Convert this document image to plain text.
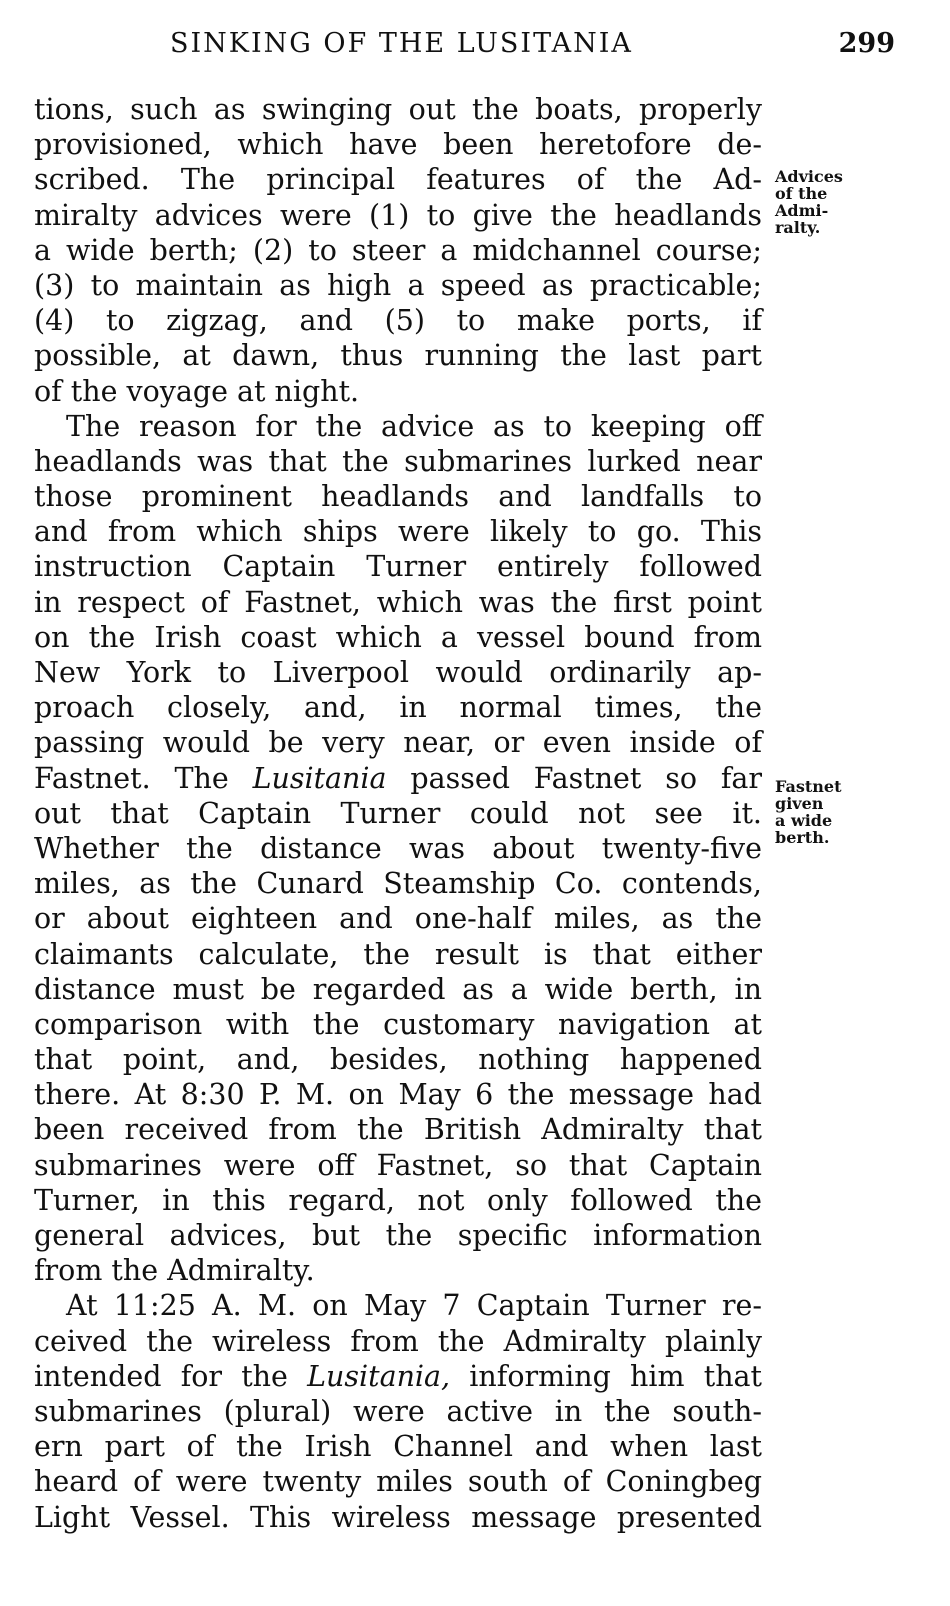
SINKING OF THE LUSITANIA	299
tions, such as swinging out the boats, properly
provisioned, which have been heretofore de-
scribed. The principal features of the Ad-
miralty advices were (1) to give the headlands
a wide berth; (2) to steer a midchannel course;
(3) to maintain as high a speed as practicable;
(4) to zigzag, and (5) to make ports, if
possible, at dawn, thus running the last part
of the voyage at night.
The reason for the advice as to keeping off
headlands was that the submarines lurked near
those prominent headlands and landfalls to
and from which ships were likely to go. This
instruction Captain Turner entirely followed
in respect of Fastnet, which was the first point
on the Irish coast which a vessel bound from
New York to Liverpool would ordinarily ap-
proach closely, and, in normal times, the
passing would be very near, or even inside of
Fastnet. The Lusitania passed Fastnet so far
out that Captain Turner could not see it.
Whether the distance was about twenty-five
miles, as the Cunard Steamship Co. contends,
or about eighteen and one-half miles, as the
claimants calculate, the result is that either
distance must be regarded as a wide berth, in
comparison with the customary navigation at
that point, and, besides, nothing happened
there. At 8:30 P. M. on May 6 the message had
been received from the British Admiralty that
submarines were off Fastnet, so that Captain
Turner, in this regard, not only followed the
general advices, but the specific information
from the Admiralty.
At 11:25 A. M. on May 7 Captain Turner re-
ceived the wireless from the Admiralty plainly
intended for the Lusitania, informing him that
submarines (plural) were active in the south-
ern part of the Irish Channel and when last
heard of were twenty miles south of Coningbeg
Light Vessel. This wireless message presented
Advices
of the
Admi-
ralty.
Fastnet
given
a wide
berth.
